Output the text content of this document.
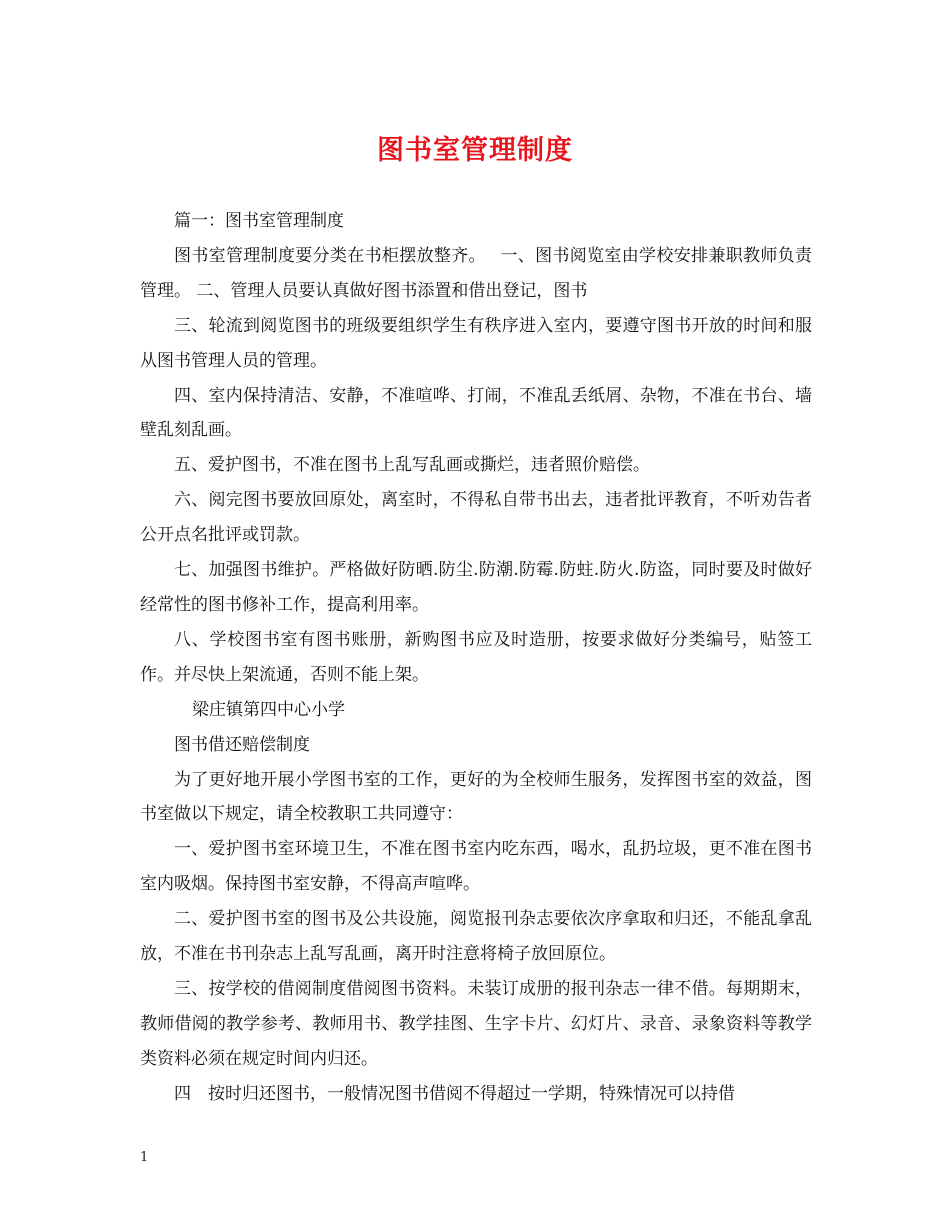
图书室管理制度

篇一：图书室管理制度

图书室管理制度要分类在书柜摆放整齐。　 一、图书阅览室由学校安排兼职教师负责管理。 二、管理人员要认真做好图书添置和借出登记，图书

三、轮流到阅览图书的班级要组织学生有秩序进入室内，要遵守图书开放的时间和服从图书管理人员的管理。

四、室内保持清洁、安静，不准喧哗、打闹，不准乱丢纸屑、杂物，不准在书台、墙壁乱刻乱画。

五、爱护图书，不准在图书上乱写乱画或撕烂，违者照价赔偿。

六、阅完图书要放回原处，离室时，不得私自带书出去，违者批评教育，不听劝告者公开点名批评或罚款。

七、加强图书维护。严格做好防晒.防尘.防潮.防霉.防蛀.防火.防盗，同时要及时做好经常性的图书修补工作，提高利用率。

八、学校图书室有图书账册，新购图书应及时造册，按要求做好分类编号，贴签工作。并尽快上架流通，否则不能上架。

梁庄镇第四中心小学

图书借还赔偿制度

为了更好地开展小学图书室的工作，更好的为全校师生服务，发挥图书室的效益，图书室做以下规定，请全校教职工共同遵守：

一、爱护图书室环境卫生，不准在图书室内吃东西，喝水，乱扔垃圾，更不准在图书室内吸烟。保持图书室安静，不得高声喧哗。

二、爱护图书室的图书及公共设施，阅览报刊杂志要依次序拿取和归还，不能乱拿乱放，不准在书刊杂志上乱写乱画，离开时注意将椅子放回原位。

三、按学校的借阅制度借阅图书资料。未装订成册的报刊杂志一律不借。每期期末，教师借阅的教学参考、教师用书、教学挂图、生字卡片、幻灯片、录音、录象资料等教学类资料必须在规定时间内归还。

四　按时归还图书，一般情况图书借阅不得超过一学期，特殊情况可以持借

1
